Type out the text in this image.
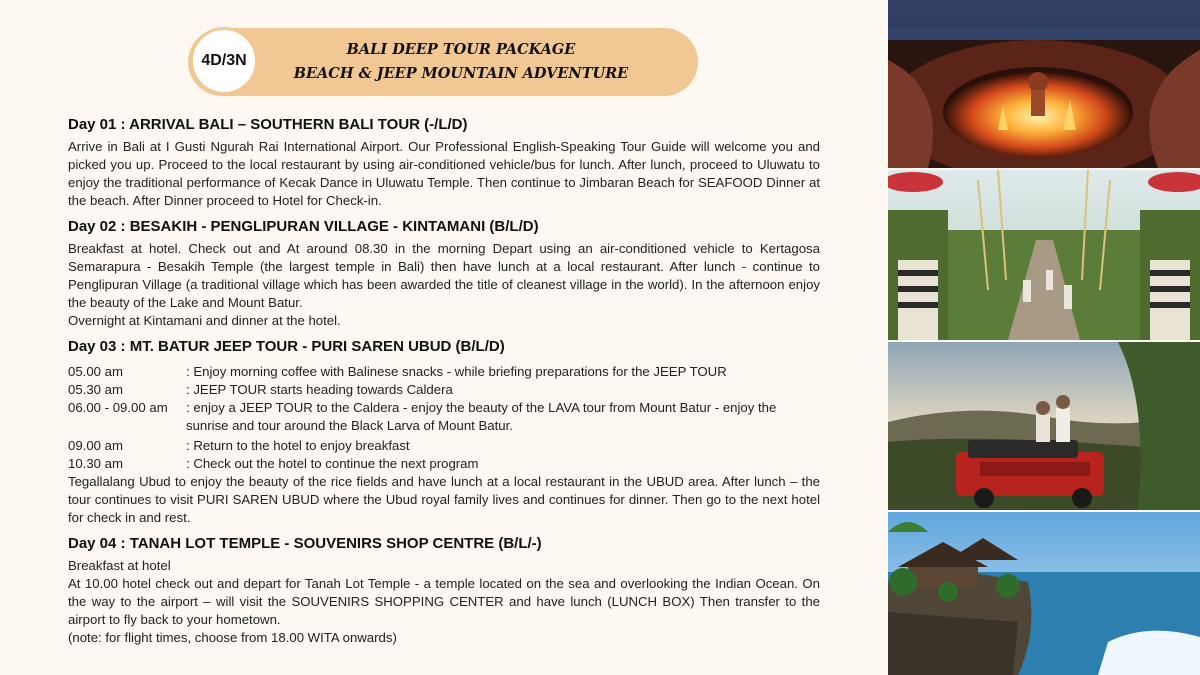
4D/3N
BALI DEEP TOUR PACKAGE
BEACH & JEEP MOUNTAIN ADVENTURE
Day 01 : ARRIVAL BALI – SOUTHERN BALI TOUR (-/L/D)

Arrive in Bali at I Gusti Ngurah Rai International Airport. Our Professional English-Speaking Tour Guide will welcome you and picked you up. Proceed to the local restaurant by using air-conditioned vehicle/bus for lunch. After lunch, proceed to Uluwatu to enjoy the traditional performance of Kecak Dance in Uluwatu Temple. Then continue to Jimbaran Beach for SEAFOOD Dinner at the beach. After Dinner proceed to Hotel for Check-in.

Day 02 : BESAKIH - PENGLIPURAN VILLAGE - KINTAMANI (B/L/D)

Breakfast at hotel. Check out and At around 08.30 in the morning Depart using an air-conditioned vehicle to Kertagosa Semarapura - Besakih Temple (the largest temple in Bali) then have lunch at a local restaurant. After lunch - continue to Penglipuran Village (a traditional village which has been awarded the title of cleanest village in the world). In the afternoon enjoy the beauty of the Lake and Mount Batur.

Overnight at Kintamani and dinner at the hotel.

Day 03 : MT. BATUR JEEP TOUR - PURI SAREN UBUD (B/L/D)
05.00 am	: Enjoy morning coffee with Balinese snacks - while briefing preparations for the JEEP TOUR
05.30 am	: JEEP TOUR starts heading towards Caldera
06.00 - 09.00 am	: enjoy a JEEP TOUR to the Caldera - enjoy the beauty of the LAVA tour from Mount Batur - enjoy the sunrise and tour around the Black Larva of Mount Batur.
09.00 am	: Return to the hotel to enjoy breakfast
10.30 am	: Check out the hotel to continue the next program

Tegallalang Ubud to enjoy the beauty of the rice fields and have lunch at a local restaurant in the UBUD area. After lunch – the tour continues to visit PURI SAREN UBUD where the Ubud royal family lives and continues for dinner. Then go to the next hotel for check in and rest.

Day 04 : TANAH LOT TEMPLE - SOUVENIRS SHOP CENTRE (B/L/-)

Breakfast at hotel

At 10.00 hotel check out and depart for Tanah Lot Temple - a temple located on the sea and overlooking the Indian Ocean. On the way to the airport – will visit the SOUVENIRS SHOPPING CENTER and have lunch (LUNCH BOX) Then transfer to the airport to fly back to your hometown.

(note: for flight times, choose from 18.00 WITA onwards)
